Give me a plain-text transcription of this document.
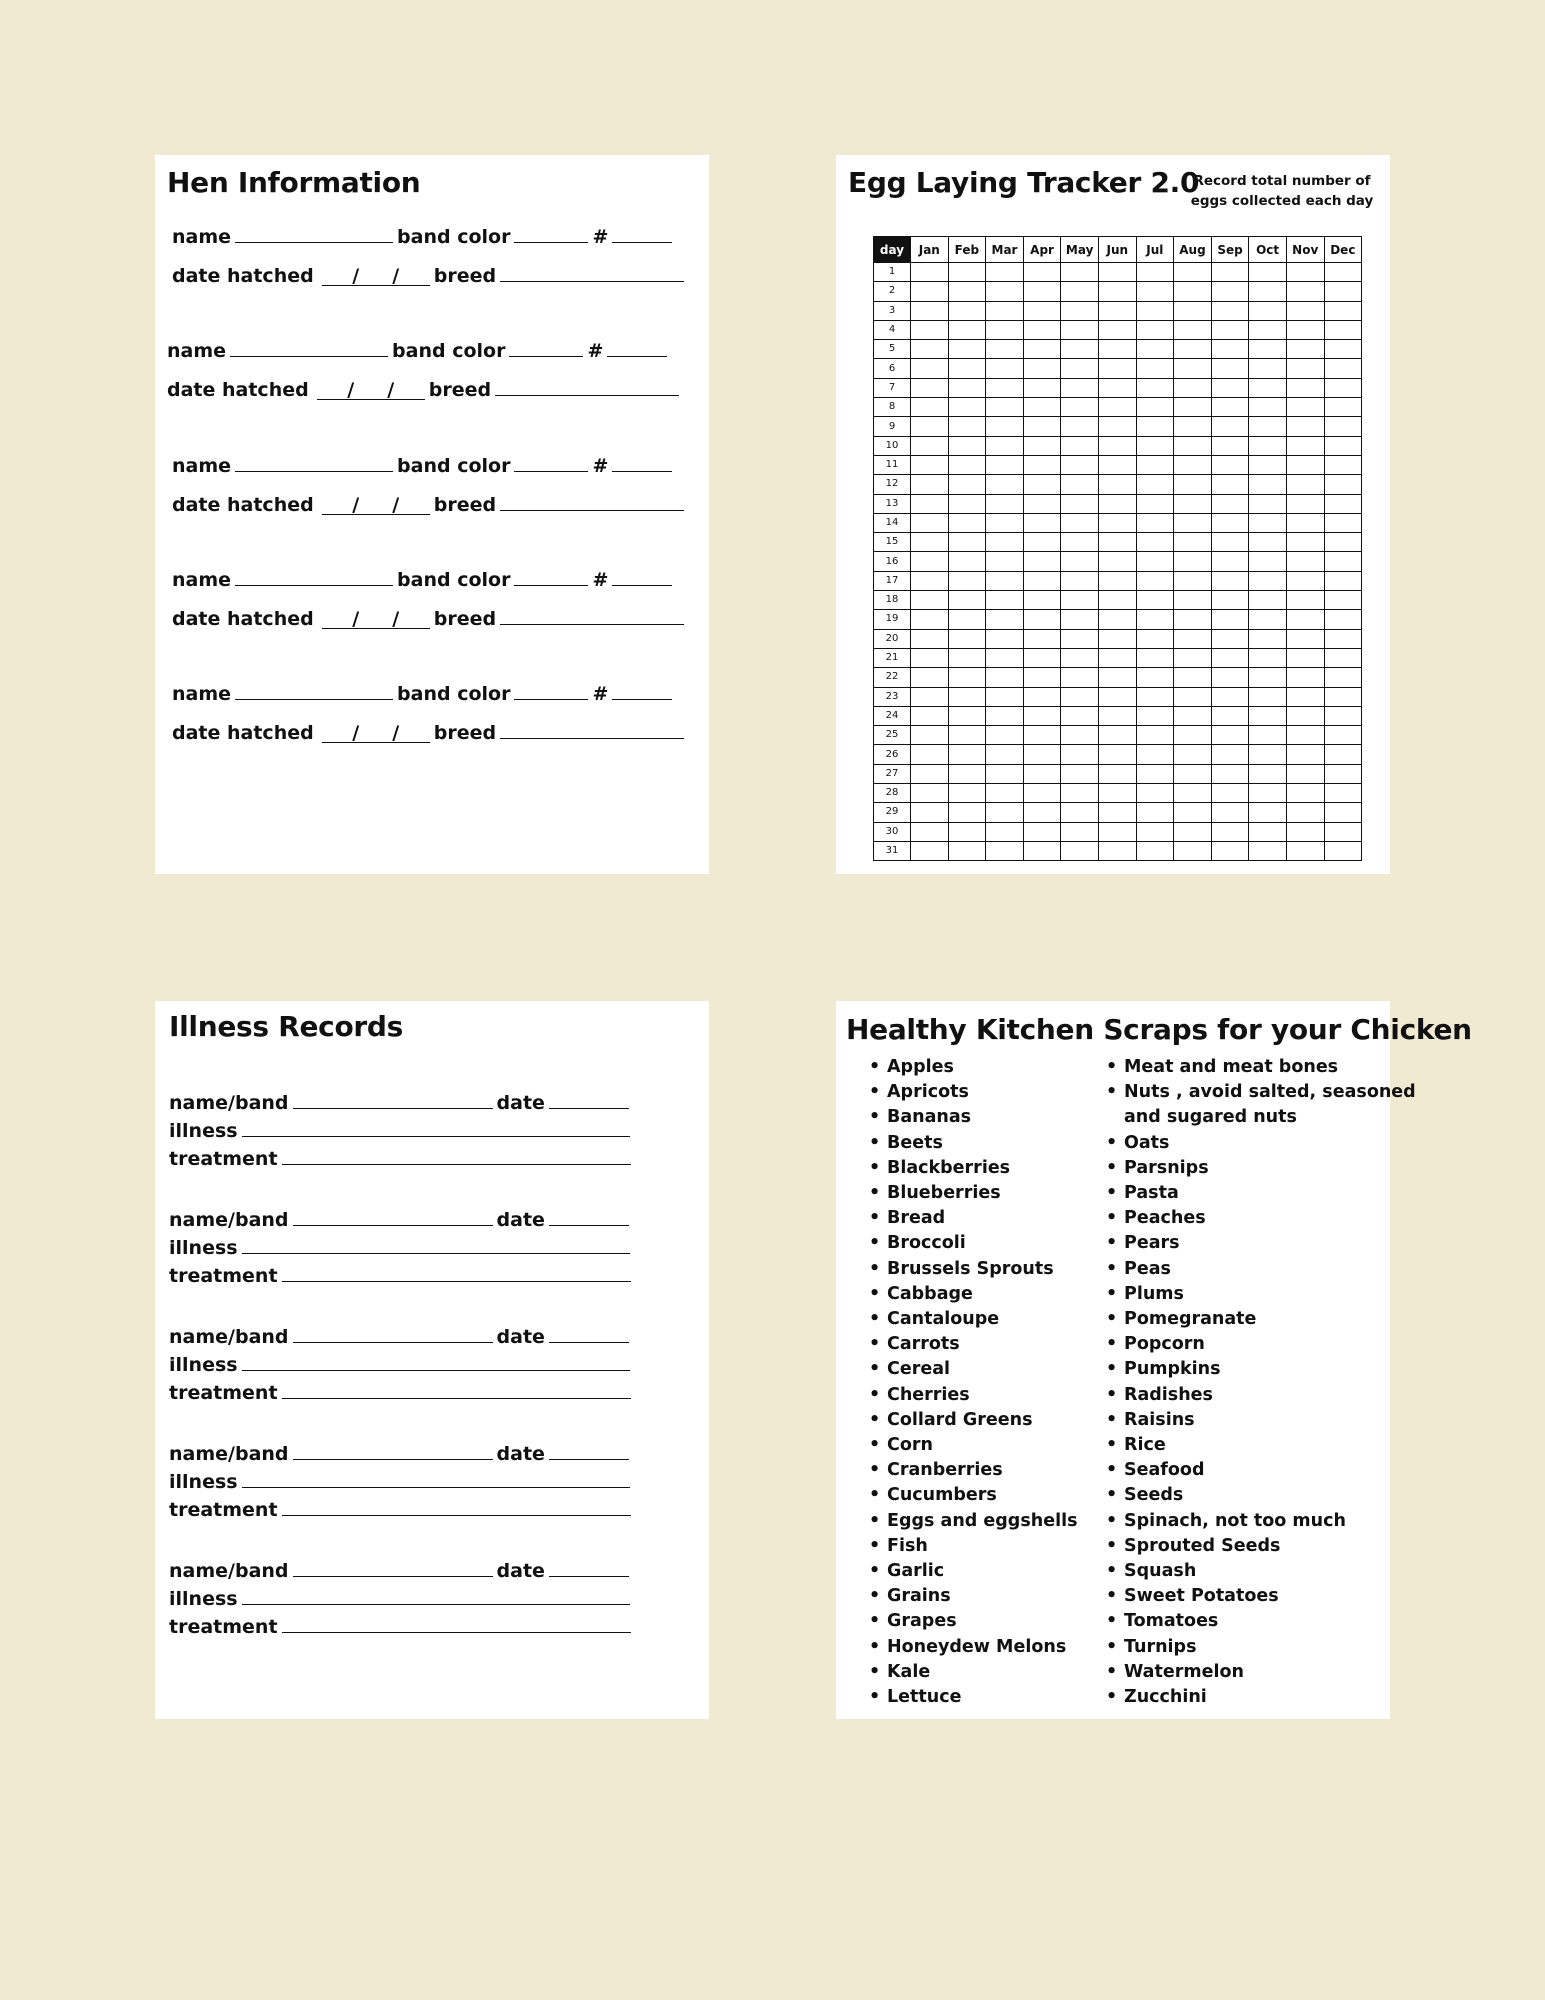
Hen Information
name	band color	#
date hatched / / breed
name	band color	#
date hatched / / breed
name	band color	#
date hatched / / breed
name	band color	#
date hatched / / breed
name	band color	#
date hatched / / breed
Egg Laying Tracker 2.0
Record total number of eggs collected each day
day	Jan	Feb	Mar	Apr	May	Jun	Jul	Aug	Sep	Oct	Nov	Dec
1												
2												
3												
4												
5												
6												
7												
8												
9												
10												
11												
12												
13												
14												
15												
16												
17												
18												
19												
20												
21												
22												
23												
24												
25												
26												
27												
28												
29												
30												
31												
Illness Records
name/band	date
illness
treatment
name/band	date
illness
treatment
name/band	date
illness
treatment
name/band	date
illness
treatment
name/band	date
illness
treatment
Healthy Kitchen Scraps for your Chicken
• Apples
• Apricots
• Bananas
• Beets
• Blackberries
• Blueberries
• Bread
• Broccoli
• Brussels Sprouts
• Cabbage
• Cantaloupe
• Carrots
• Cereal
• Cherries
• Collard Greens
• Corn
• Cranberries
• Cucumbers
• Eggs and eggshells
• Fish
• Garlic
• Grains
• Grapes
• Honeydew Melons
• Kale
• Lettuce
• Meat and meat bones
• Nuts , avoid salted, seasoned
and sugared nuts
• Oats
• Parsnips
• Pasta
• Peaches
• Pears
• Peas
• Plums
• Pomegranate
• Popcorn
• Pumpkins
• Radishes
• Raisins
• Rice
• Seafood
• Seeds
• Spinach, not too much
• Sprouted Seeds
• Squash
• Sweet Potatoes
• Tomatoes
• Turnips
• Watermelon
• Zucchini
